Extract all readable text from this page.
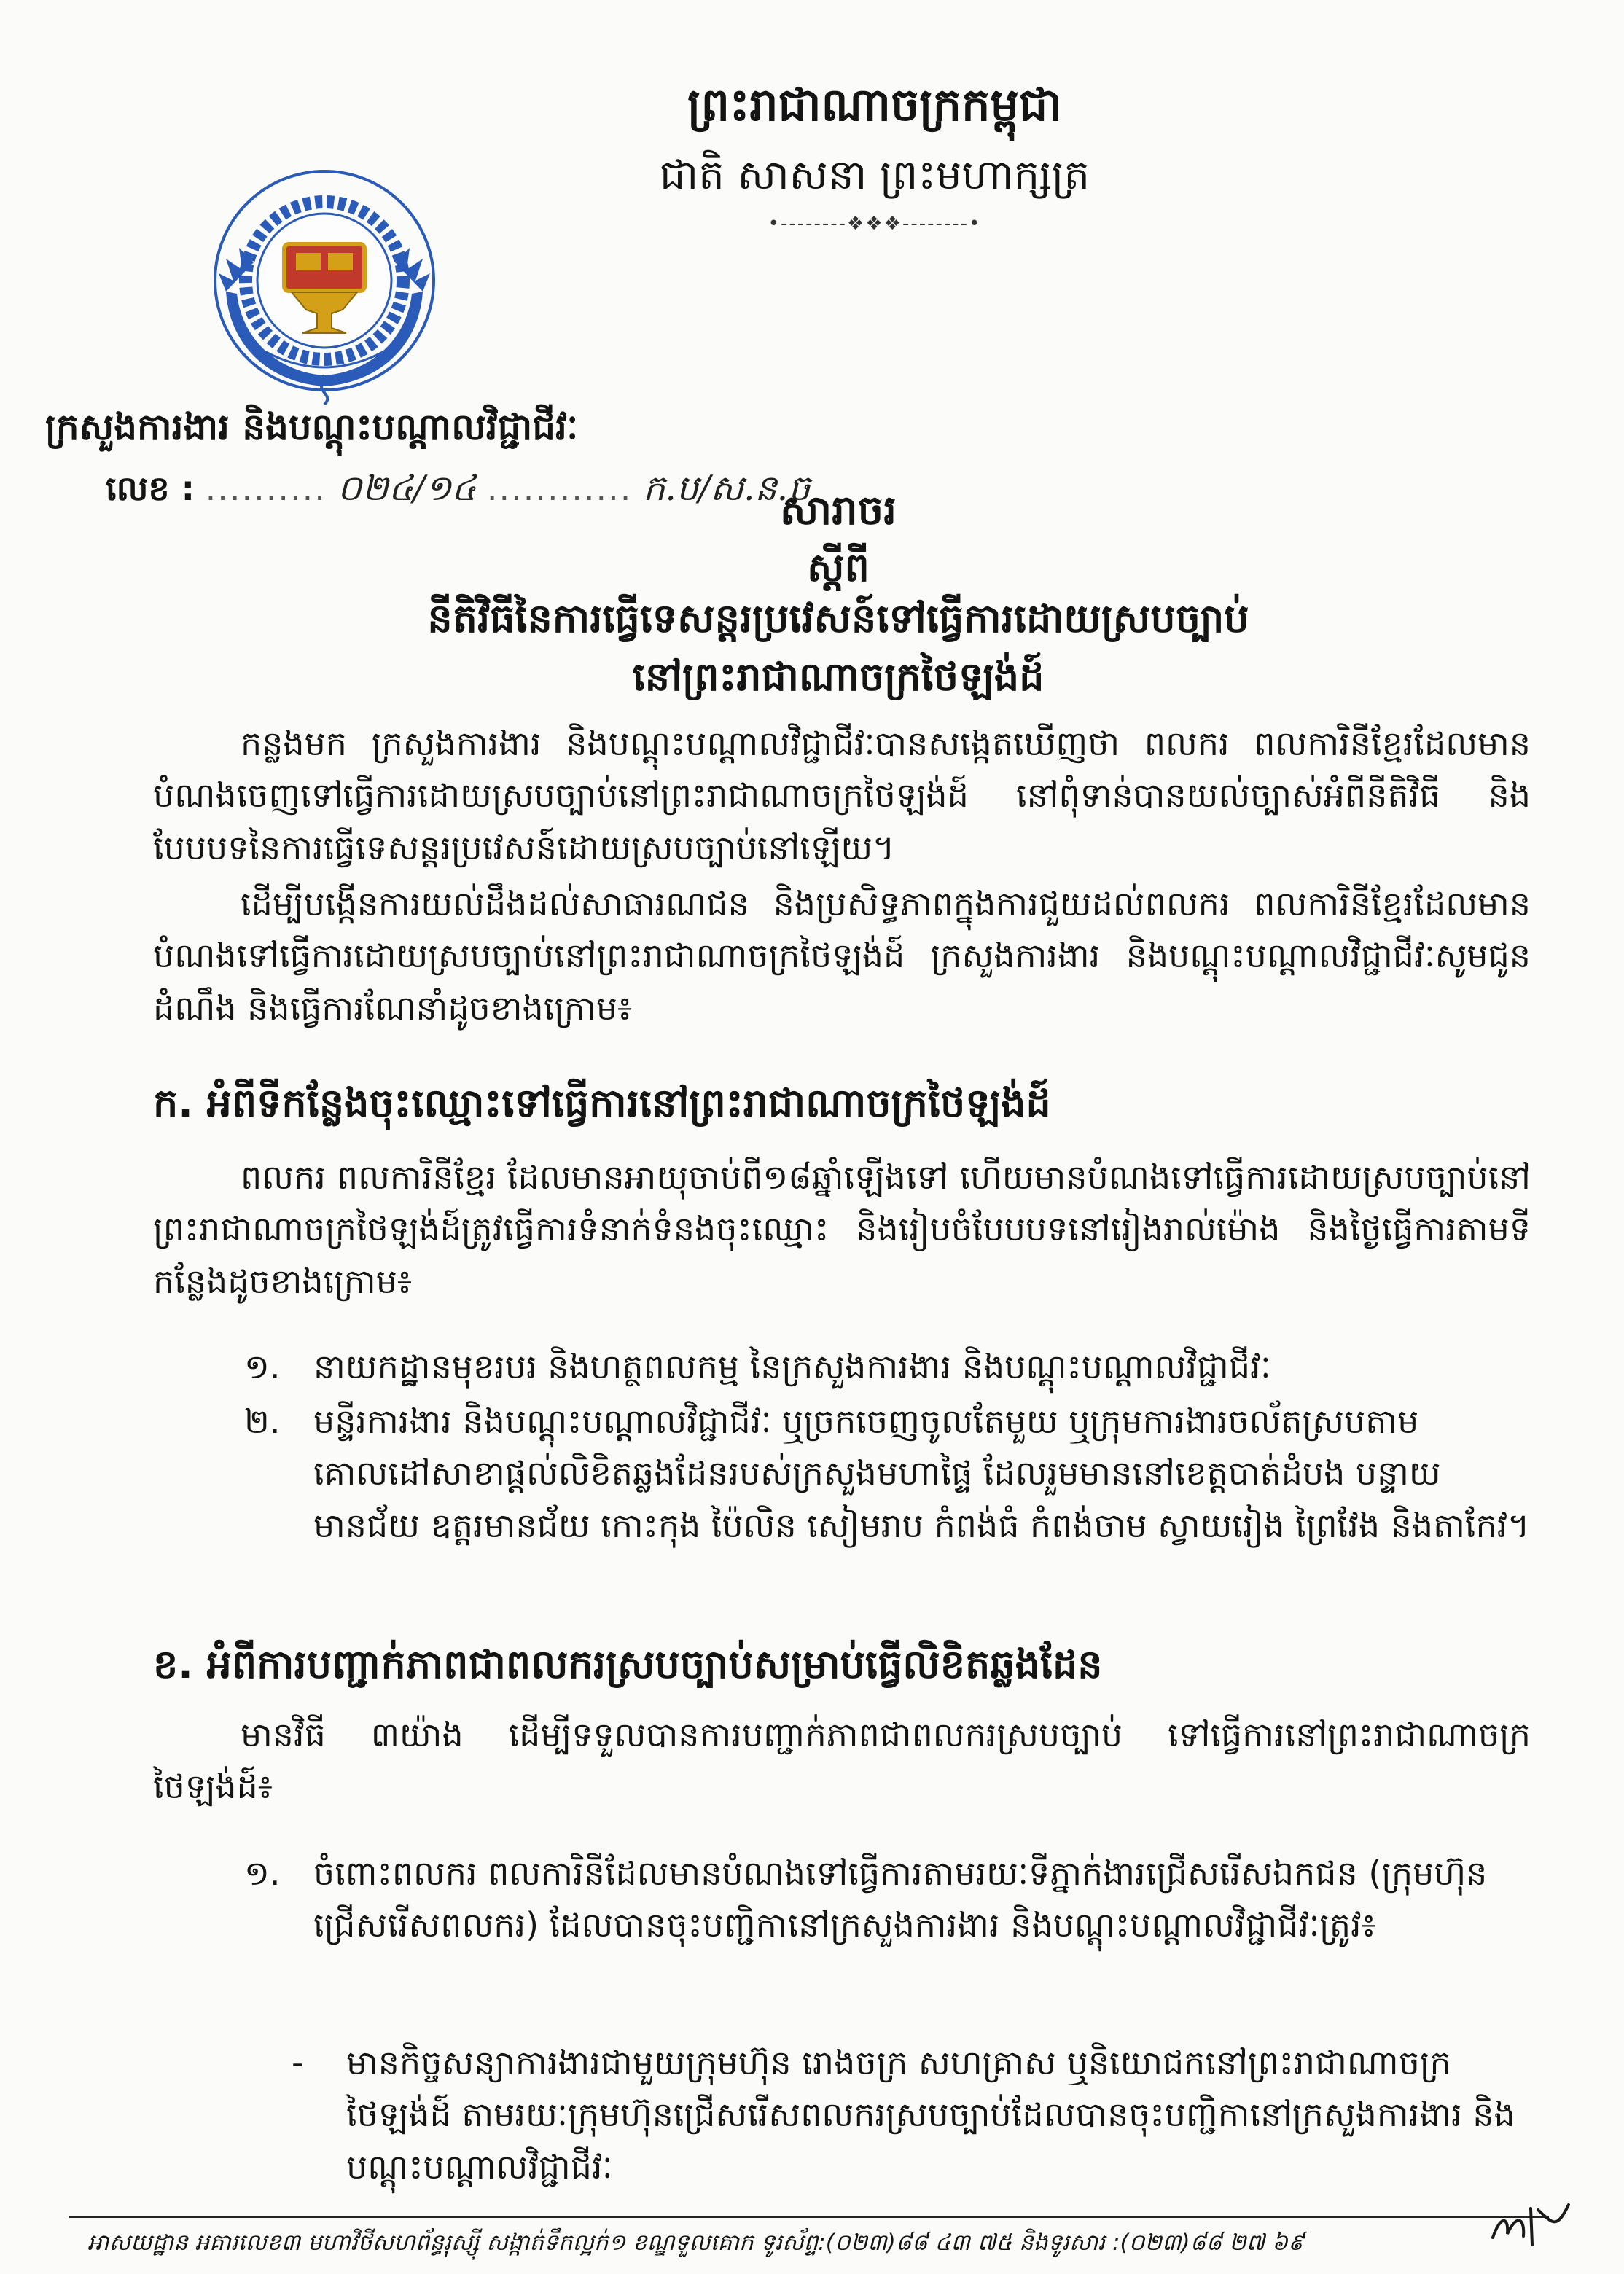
ព្រះរាជាណាចក្រកម្ពុជា
ជាតិ សាសនា ព្រះមហាក្សត្រ
•--------❖❖❖--------•
ក្រសួងការងារ និងបណ្តុះបណ្តាលវិជ្ជាជីវៈ
លេខ : .......... ០២៤/១៤ ............ ក.ប/ស.ន.ច
សារាចរ
ស្តីពី
នីតិវិធីនៃការធ្វើទេសន្តរប្រវេសន៍ទៅធ្វើការដោយស្របច្បាប់
នៅព្រះរាជាណាចក្រថៃឡង់ដ៍
កន្លងមក ក្រសួងការងារ និងបណ្តុះបណ្តាលវិជ្ជាជីវៈបានសង្កេតឃើញថា ពលករ ពលការិនីខ្មែរដែលមានបំណងចេញទៅធ្វើការដោយស្របច្បាប់នៅព្រះរាជាណាចក្រថៃឡង់ដ៍ នៅពុំទាន់បានយល់ច្បាស់អំពីនីតិវិធី និងបែបបទនៃការធ្វើទេសន្តរប្រវេសន៍ដោយស្របច្បាប់នៅឡើយ។
ដើម្បីបង្កើនការយល់ដឹងដល់សាធារណជន និងប្រសិទ្ធភាពក្នុងការជួយដល់ពលករ ពលការិនីខ្មែរដែលមានបំណងទៅធ្វើការដោយស្របច្បាប់នៅព្រះរាជាណាចក្រថៃឡង់ដ៍ ក្រសួងការងារ និងបណ្តុះបណ្តាលវិជ្ជាជីវៈសូមជូនដំណឹង និងធ្វើការណែនាំដូចខាងក្រោម៖
ក. អំពីទីកន្លែងចុះឈ្មោះទៅធ្វើការនៅព្រះរាជាណាចក្រថៃឡង់ដ៍
ពលករ ពលការិនីខ្មែរ ដែលមានអាយុចាប់ពី១៨ឆ្នាំឡើងទៅ ហើយមានបំណងទៅធ្វើការដោយស្របច្បាប់នៅព្រះរាជាណាចក្រថៃឡង់ដ៍ត្រូវធ្វើការទំនាក់ទំនងចុះឈ្មោះ និងរៀបចំបែបបទនៅរៀងរាល់ម៉ោង និងថ្ងៃធ្វើការតាមទីកន្លែងដូចខាងក្រោម៖
១. នាយកដ្ឋានមុខរបរ និងហត្ថពលកម្ម នៃក្រសួងការងារ និងបណ្តុះបណ្តាលវិជ្ជាជីវៈ
២. មន្ទីរការងារ និងបណ្តុះបណ្តាលវិជ្ជាជីវៈ ឬច្រកចេញចូលតែមួយ ឬក្រុមការងារចល័តស្របតាមគោលដៅសាខាផ្តល់លិខិតឆ្លងដែនរបស់ក្រសួងមហាផ្ទៃ ដែលរួមមាននៅខេត្តបាត់ដំបង បន្ទាយមានជ័យ ឧត្តរមានជ័យ កោះកុង ប៉ៃលិន សៀមរាប កំពង់ធំ កំពង់ចាម ស្វាយរៀង ព្រៃវែង និងតាកែវ។
ខ. អំពីការបញ្ជាក់ភាពជាពលករស្របច្បាប់សម្រាប់ធ្វើលិខិតឆ្លងដែន
មានវិធី ៣យ៉ាង ដើម្បីទទួលបានការបញ្ជាក់ភាពជាពលករស្របច្បាប់ ទៅធ្វើការនៅព្រះរាជាណាចក្រថៃឡង់ដ៍៖
១. ចំពោះពលករ ពលការិនីដែលមានបំណងទៅធ្វើការតាមរយៈទីភ្នាក់ងារជ្រើសរើសឯកជន (ក្រុមហ៊ុនជ្រើសរើសពលករ) ដែលបានចុះបញ្ជិកានៅក្រសួងការងារ និងបណ្តុះបណ្តាលវិជ្ជាជីវៈត្រូវ៖
- មានកិច្ចសន្យាការងារជាមួយក្រុមហ៊ុន រោងចក្រ សហគ្រាស ឬនិយោជកនៅព្រះរាជាណាចក្រថៃឡង់ដ៍ តាមរយៈក្រុមហ៊ុនជ្រើសរើសពលករស្របច្បាប់ដែលបានចុះបញ្ជិកានៅក្រសួងការងារ និងបណ្តុះបណ្តាលវិជ្ជាជីវៈ
អាសយដ្ឋាន អគារលេខ៣ មហាវិថីសហព័ន្ធរុស្ស៊ី សង្កាត់ទឹកល្អក់១ ខណ្ឌទួលគោក ទូរស័ព្ទ:(០២៣)៨៨ ៤៣ ៧៥ និងទូរសារ :(០២៣)៨៨ ២៧ ៦៩
